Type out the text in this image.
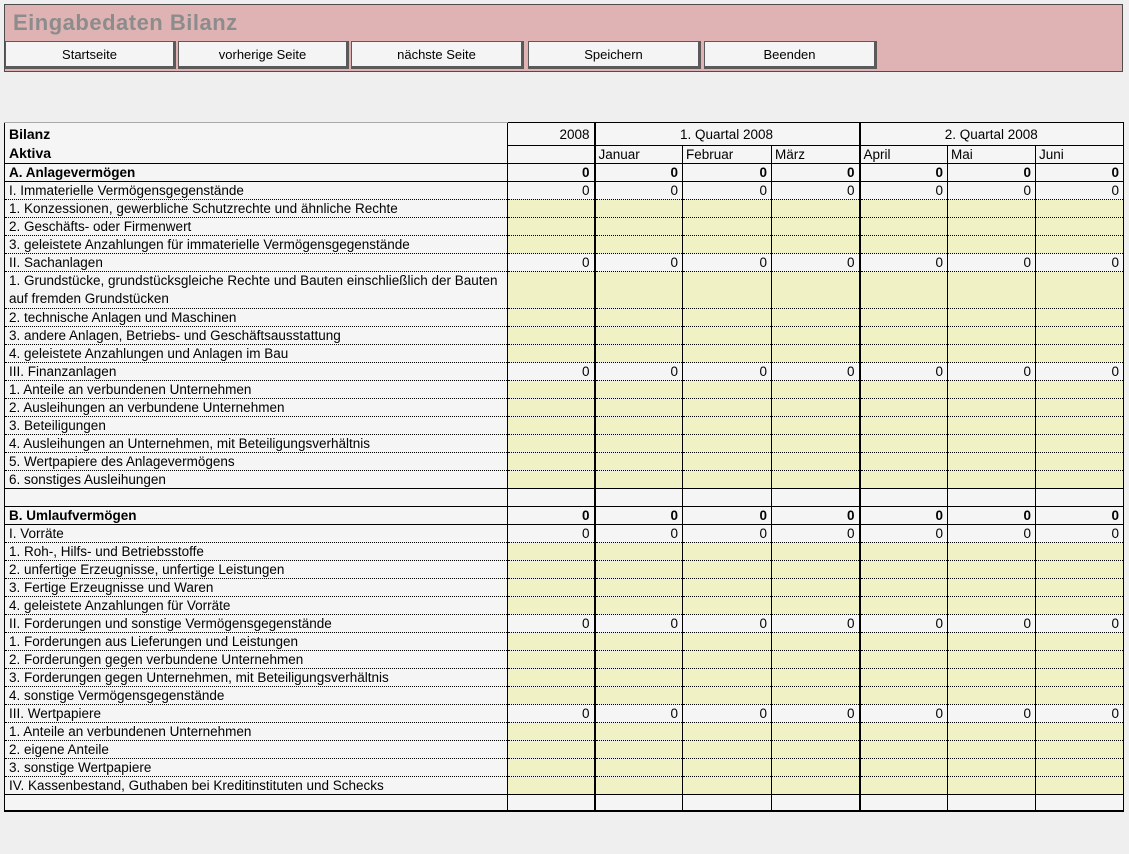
Eingabedaten Bilanz
Startseite	vorherige Seite	nächste Seite	Speichern	Beenden
Bilanz
Aktiva	2008	1. Quartal 2008			2. Quartal 2008		
		Januar	Februar	März	April	Mai	Juni
A. Anlagevermögen	0	0	0	0	0	0	0
I. Immaterielle Vermögensgegenstände	0	0	0	0	0	0	0
1. Konzessionen, gewerbliche Schutzrechte und ähnliche Rechte							
2. Geschäfts- oder Firmenwert							
3. geleistete Anzahlungen für immaterielle Vermögensgegenstände							
II. Sachanlagen	0	0	0	0	0	0	0
1. Grundstücke, grundstücksgleiche Rechte und Bauten einschließlich der Bauten auf fremden Grundstücken							
2. technische Anlagen und Maschinen							
3. andere Anlagen, Betriebs- und Geschäftsausstattung							
4. geleistete Anzahlungen und Anlagen im Bau							
III. Finanzanlagen	0	0	0	0	0	0	0
1. Anteile an verbundenen Unternehmen							
2. Ausleihungen an verbundene Unternehmen							
3. Beteiligungen							
4. Ausleihungen an Unternehmen, mit Beteiligungsverhältnis							
5. Wertpapiere des Anlagevermögens							
6. sonstiges Ausleihungen							

B. Umlaufvermögen	0	0	0	0	0	0	0
I. Vorräte	0	0	0	0	0	0	0
1. Roh-, Hilfs- und Betriebsstoffe							
2. unfertige Erzeugnisse, unfertige Leistungen							
3. Fertige Erzeugnisse und Waren							
4. geleistete Anzahlungen für Vorräte							
II. Forderungen und sonstige Vermögensgegenstände	0	0	0	0	0	0	0
1. Forderungen aus Lieferungen und Leistungen							
2. Forderungen gegen verbundene Unternehmen							
3. Forderungen gegen Unternehmen, mit Beteiligungsverhältnis							
4. sonstige Vermögensgegenstände							
III. Wertpapiere	0	0	0	0	0	0	0
1. Anteile an verbundenen Unternehmen							
2. eigene Anteile							
3. sonstige Wertpapiere							
IV. Kassenbestand, Guthaben bei Kreditinstituten und Schecks							
